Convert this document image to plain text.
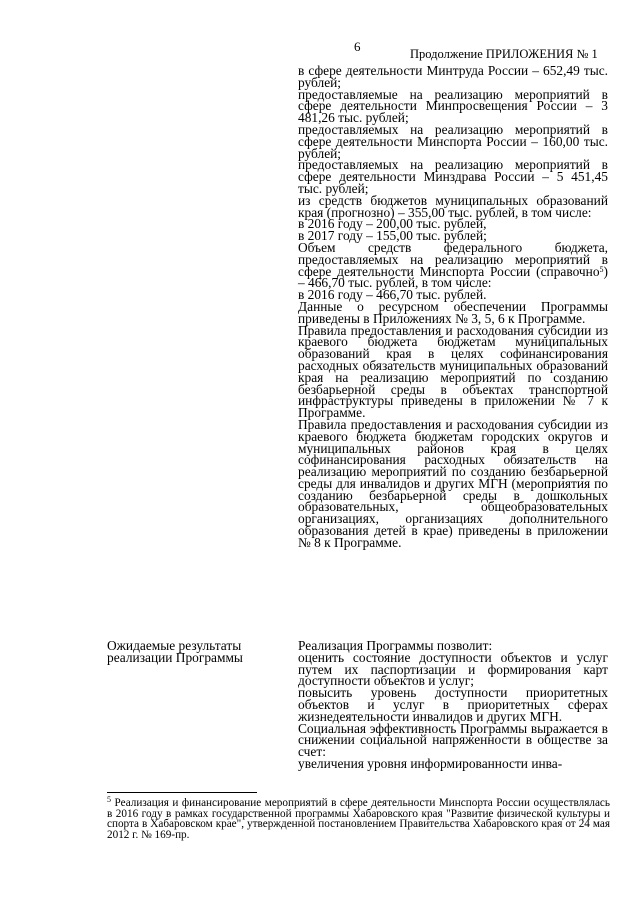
6	Продолжение ПРИЛОЖЕНИЯ № 1

в сфере деятельности Минтруда России – 652,49 тыс. рублей;

предоставляемые на реализацию мероприятий в сфере деятельности Минпросвещения России – 3 481,26 тыс. рублей;

предоставляемых на реализацию мероприятий в сфере деятельности Минспорта России – 160,00 тыс. рублей;

предоставляемых на реализацию мероприятий в сфере деятельности Минздрава России – 5 451,45 тыс. рублей;

из средств бюджетов муниципальных образований края (прогнозно) – 355,00 тыс. рублей, в том числе:

в 2016 году – 200,00 тыс. рублей,

в 2017 году – 155,00 тыс. рублей;

Объем средств федерального бюджета, предоставляемых на реализацию мероприятий в сфере деятельности Минспорта России (справочно$^5$) – 466,70 тыс. рублей, в том числе:

в 2016 году – 466,70 тыс. рублей.

Данные о ресурсном обеспечении Программы приведены в Приложениях № 3, 5, 6 к Программе.

Правила предоставления и расходования субсидии из краевого бюджета бюджетам муниципальных образований края в целях софинансирования расходных обязательств муниципальных образований края на реализацию мероприятий по созданию безбарьерной среды в объектах транспортной инфраструктуры приведены в приложении № 7 к Программе.

Правила предоставления и расходования субсидии из краевого бюджета бюджетам городских округов и муниципальных районов края в целях софинансирования расходных обязательств на реализацию мероприятий по созданию безбарьерной среды для инвалидов и других МГН (мероприятия по созданию безбарьерной среды в дошкольных образовательных, общеобразовательных организациях, организациях дополнительного образования детей в крае) приведены в приложении № 8 к Программе.

Ожидаемые результаты реализации Программы

Реализация Программы позволит:

оценить состояние доступности объектов и услуг путем их паспортизации и формирования карт доступности объектов и услуг;

повысить уровень доступности приоритетных объектов и услуг в приоритетных сферах жизнедеятельности инвалидов и других МГН.

Социальная эффективность Программы выражается в снижении социальной напряженности в обществе за счет:

увеличения уровня информированности инва-

$^5$ Реализация и финансирование мероприятий в сфере деятельности Минспорта России осуществлялась в 2016 году в рамках государственной программы Хабаровского края "Развитие физической культуры и спорта в Хабаровском крае", утвержденной постановлением Правительства Хабаровского края от 24 мая 2012 г. № 169-пр.
